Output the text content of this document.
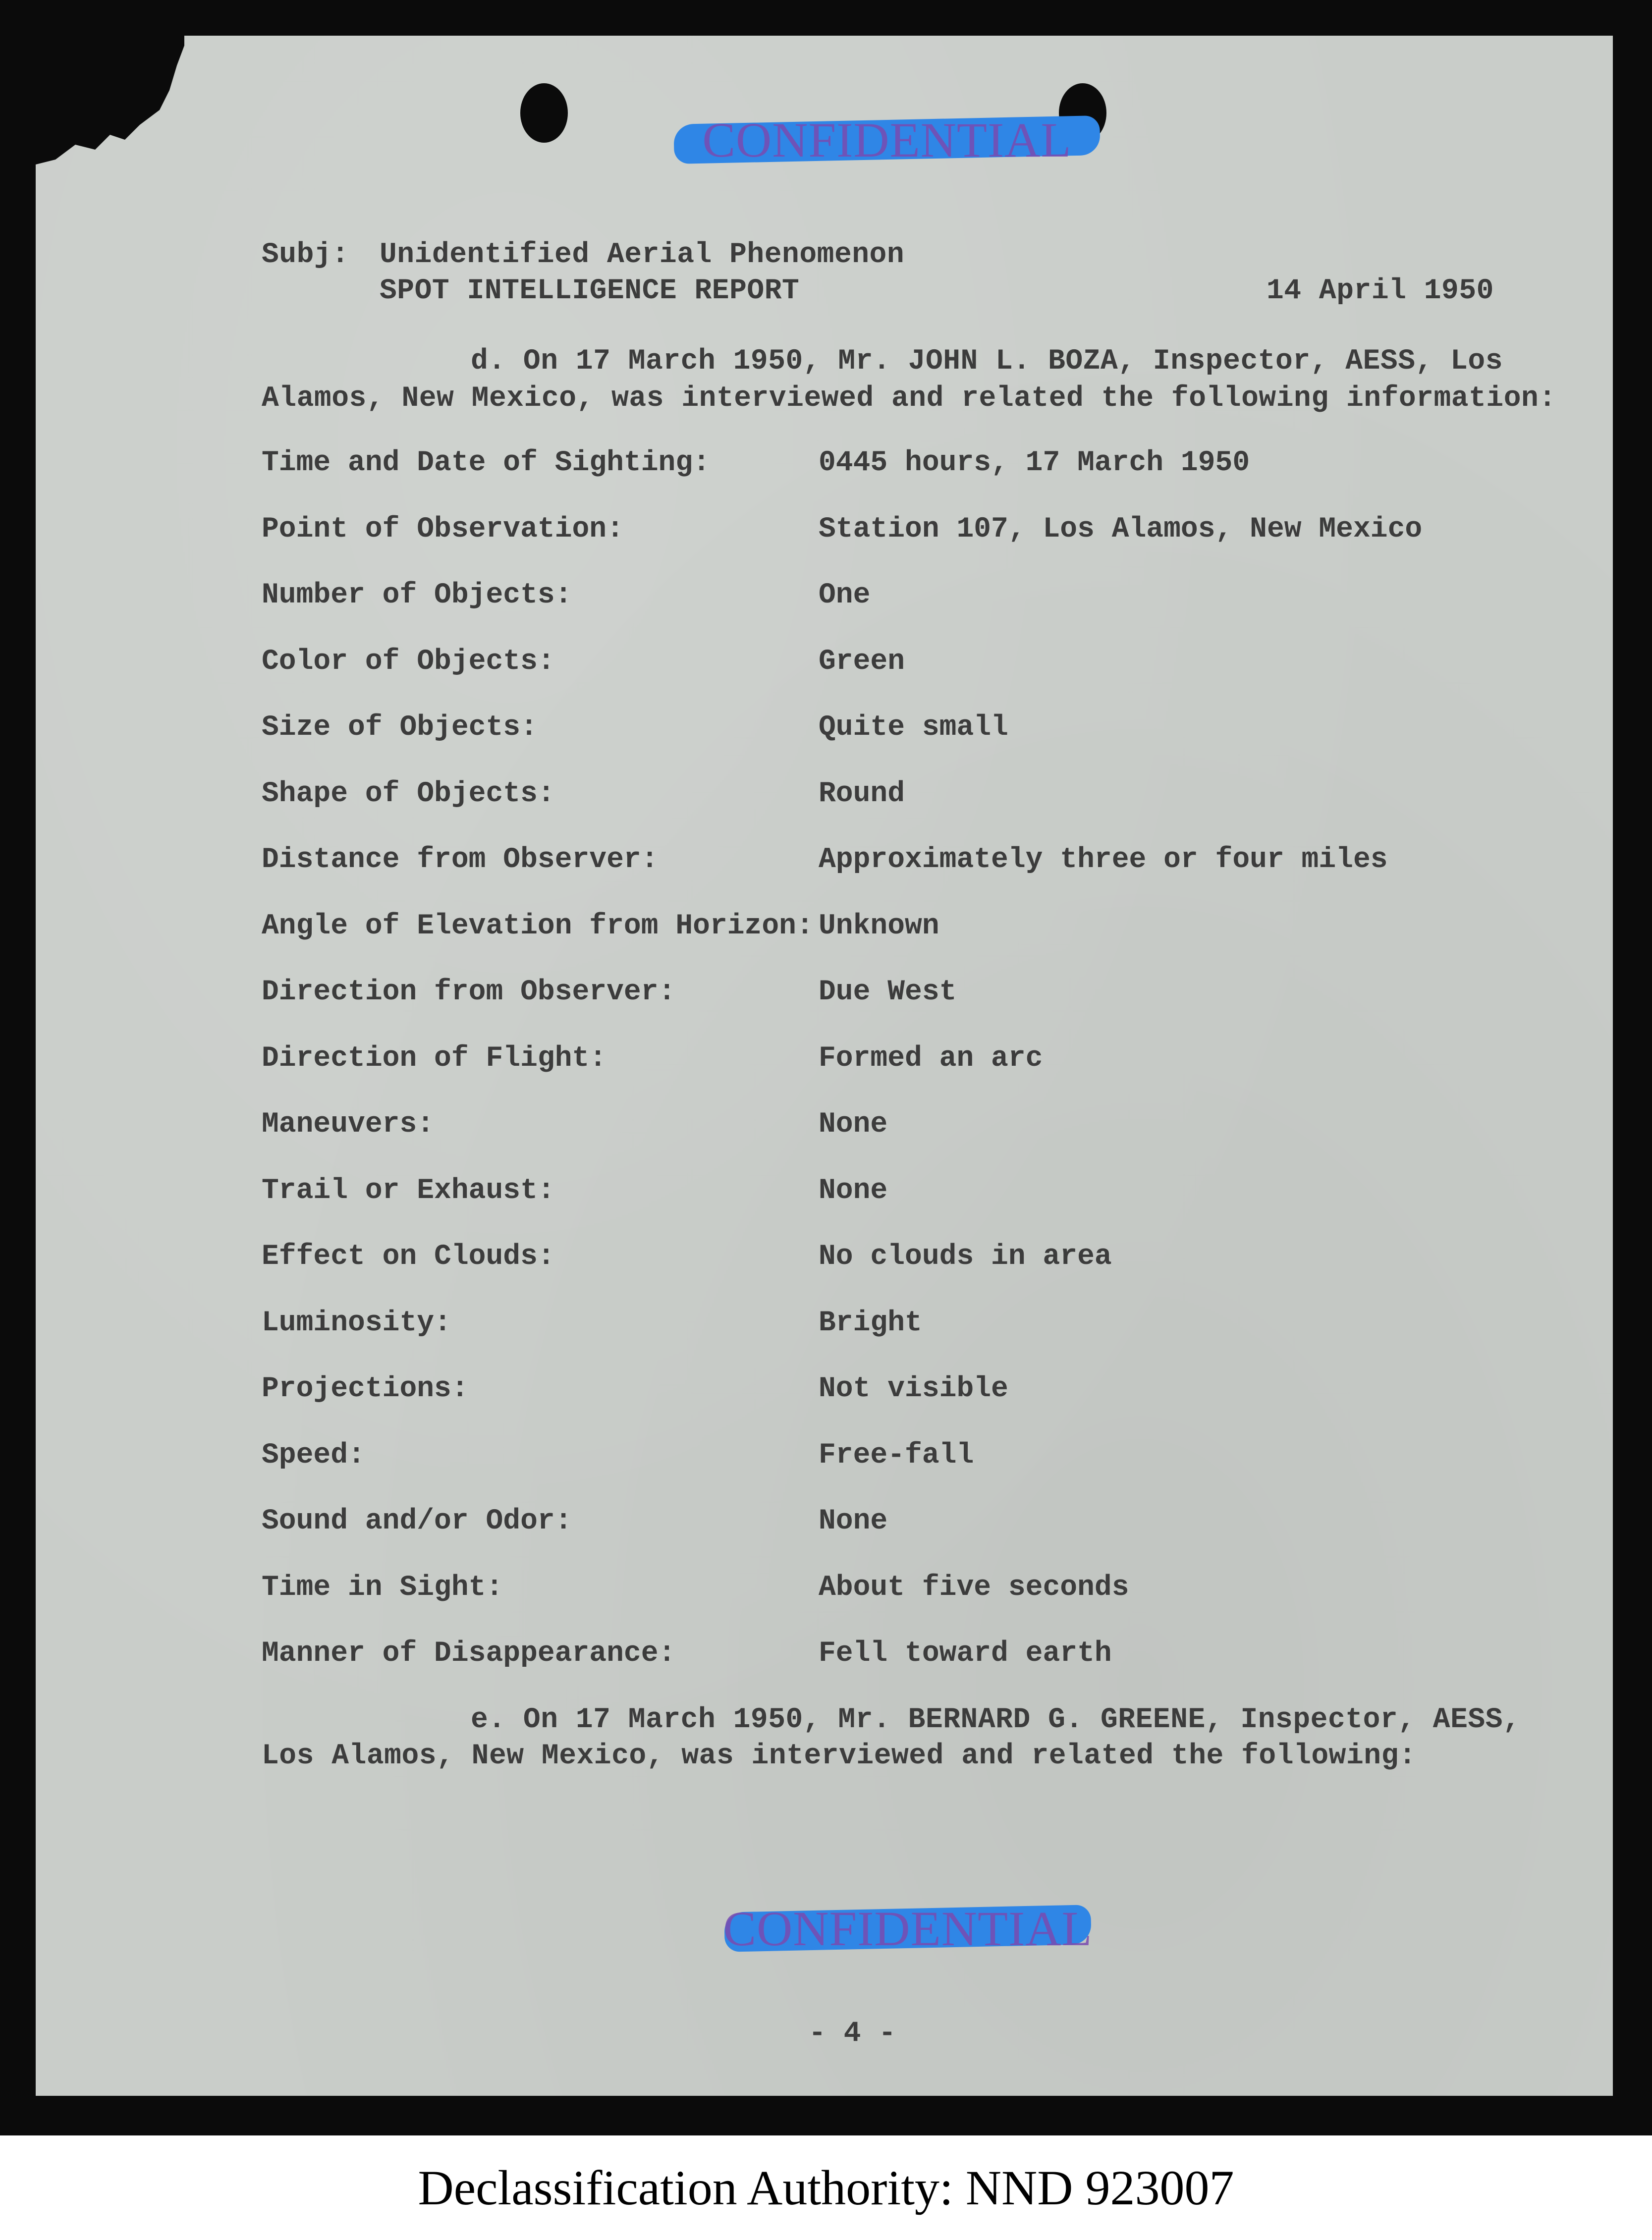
CONFIDENTIAL
Subj: Unidentified Aerial Phenomenon
SPOT INTELLIGENCE REPORT	14 April 1950
d. On 17 March 1950, Mr. JOHN L. BOZA, Inspector, AESS, Los
Alamos, New Mexico, was interviewed and related the following information:
Time and Date of Sighting:	0445 hours, 17 March 1950
Point of Observation:	Station 107, Los Alamos, New Mexico
Number of Objects:	One
Color of Objects:	Green
Size of Objects:	Quite small
Shape of Objects:	Round
Distance from Observer:	Approximately three or four miles
Angle of Elevation from Horizon: Unknown
Direction from Observer:	Due West
Direction of Flight:	Formed an arc
Maneuvers:	None
Trail or Exhaust:	None
Effect on Clouds:	No clouds in area
Luminosity:	Bright
Projections:	Not visible
Speed:	Free-fall
Sound and/or Odor:	None
Time in Sight:	About five seconds
Manner of Disappearance:	Fell toward earth
e. On 17 March 1950, Mr. BERNARD G. GREENE, Inspector, AESS,
Los Alamos, New Mexico, was interviewed and related the following:
CONFIDENTIAL
- 4 -
Declassification Authority: NND 923007
